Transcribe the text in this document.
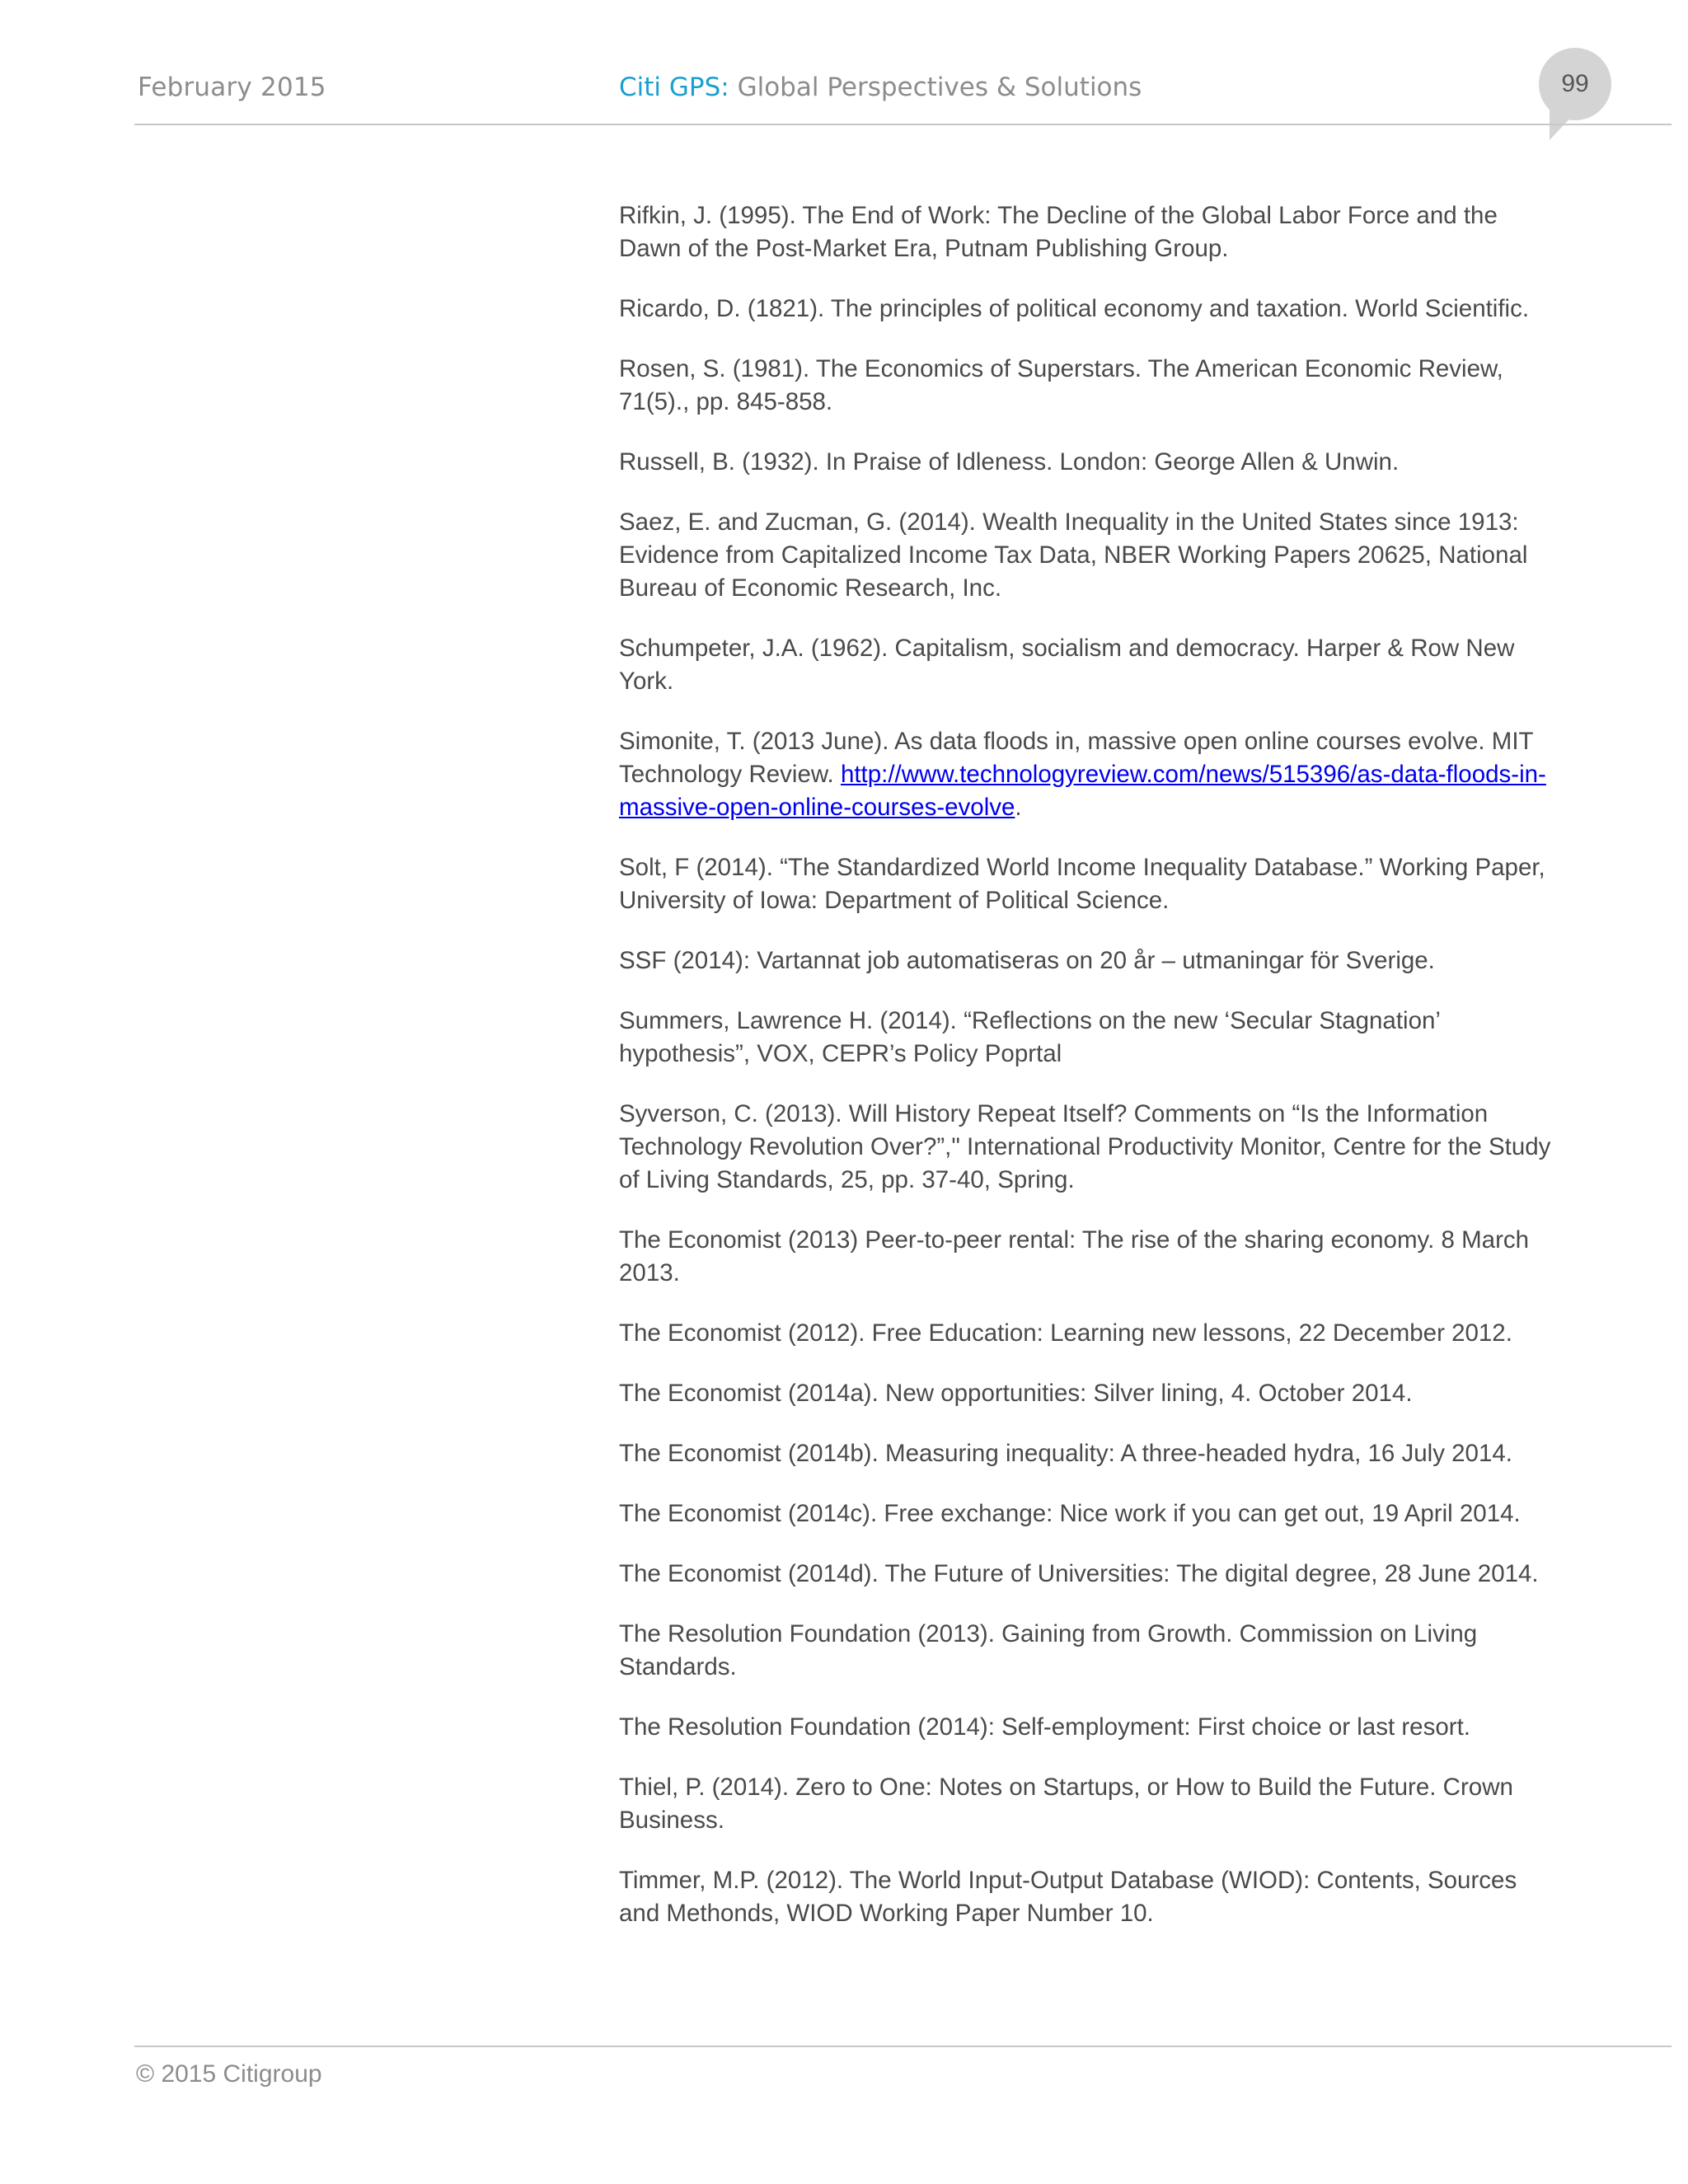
February 2015	Citi GPS: Global Perspectives & Solutions	99
Rifkin, J. (1995). The End of Work: The Decline of the Global Labor Force and the Dawn of the Post-Market Era, Putnam Publishing Group.
Ricardo, D. (1821). The principles of political economy and taxation. World Scientific.
Rosen, S. (1981). The Economics of Superstars. The American Economic Review, 71(5)., pp. 845-858.
Russell, B. (1932). In Praise of Idleness. London: George Allen & Unwin.
Saez, E. and Zucman, G. (2014). Wealth Inequality in the United States since 1913: Evidence from Capitalized Income Tax Data, NBER Working Papers 20625, National Bureau of Economic Research, Inc.
Schumpeter, J.A. (1962). Capitalism, socialism and democracy. Harper & Row New York.
Simonite, T. (2013 June). As data floods in, massive open online courses evolve. MIT Technology Review. http://www.technologyreview.com/news/515396/as-data-floods-in-massive-open-online-courses-evolve.
Solt, F (2014). “The Standardized World Income Inequality Database.” Working Paper, University of Iowa: Department of Political Science.
SSF (2014): Vartannat job automatiseras on 20 år – utmaningar för Sverige.
Summers, Lawrence H. (2014). “Reflections on the new ‘Secular Stagnation’ hypothesis”, VOX, CEPR’s Policy Poprtal
Syverson, C. (2013). Will History Repeat Itself? Comments on “Is the Information Technology Revolution Over?”," International Productivity Monitor, Centre for the Study of Living Standards, 25, pp. 37-40, Spring.
The Economist (2013) Peer-to-peer rental: The rise of the sharing economy. 8 March 2013.
The Economist (2012). Free Education: Learning new lessons, 22 December 2012.
The Economist (2014a). New opportunities: Silver lining, 4. October 2014.
The Economist (2014b). Measuring inequality: A three-headed hydra, 16 July 2014.
The Economist (2014c). Free exchange: Nice work if you can get out, 19 April 2014.
The Economist (2014d). The Future of Universities: The digital degree, 28 June 2014.
The Resolution Foundation (2013). Gaining from Growth. Commission on Living Standards.
The Resolution Foundation (2014): Self-employment: First choice or last resort.
Thiel, P. (2014). Zero to One: Notes on Startups, or How to Build the Future. Crown Business.
Timmer, M.P. (2012). The World Input-Output Database (WIOD): Contents, Sources and Methonds, WIOD Working Paper Number 10.
© 2015 Citigroup
